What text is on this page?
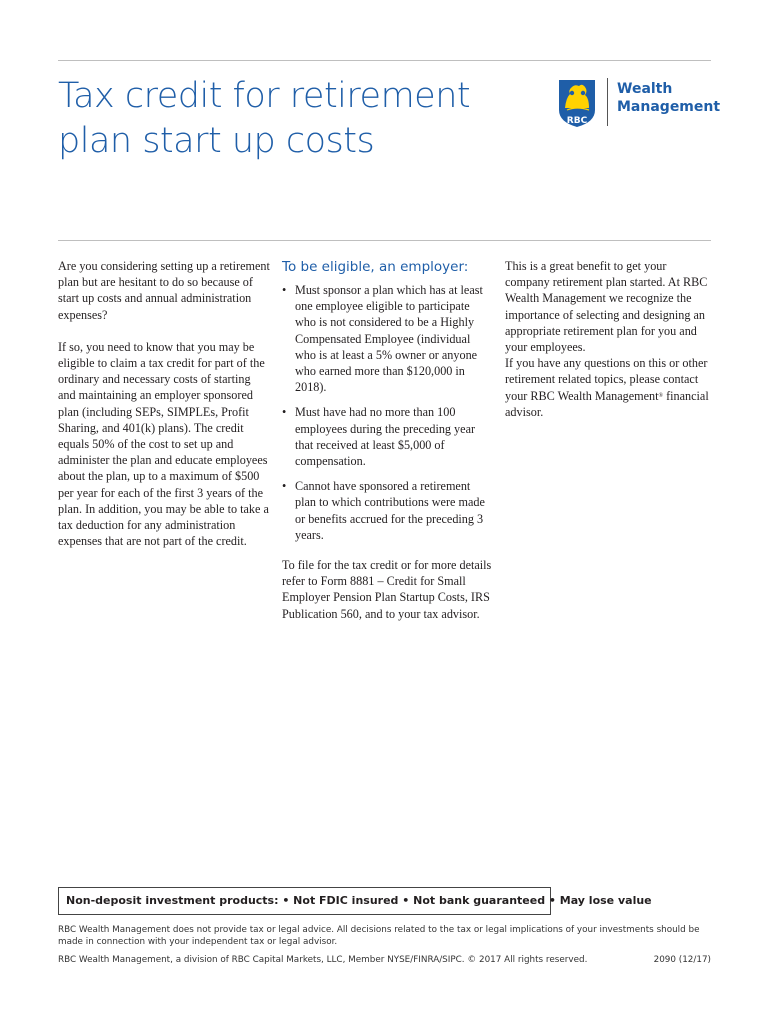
Tax credit for retirement
plan start up costs	RBC
Wealth
Management

Are you considering setting up a retirement plan but are hesitant to do so because of start up costs and annual administration expenses?

If so, you need to know that you may be eligible to claim a tax credit for part of the ordinary and necessary costs of starting and maintaining an employer sponsored plan (including SEPs, SIMPLEs, Profit Sharing, and 401(k) plans). The credit equals 50% of the cost to set up and administer the plan and educate employees about the plan, up to a maximum of $500 per year for each of the first 3 years of the plan. In addition, you may be able to take a tax deduction for any administration expenses that are not part of the credit.

To be eligible, an employer:
• Must sponsor a plan which has at least one employee eligible to participate who is not considered to be a Highly Compensated Employee (individual who is at least a 5% owner or anyone who earned more than $120,000 in 2018).
• Must have had no more than 100 employees during the preceding year that received at least $5,000 of compensation.
• Cannot have sponsored a retirement plan to which contributions were made or benefits accrued for the preceding 3 years.

To file for the tax credit or for more details refer to Form 8881 – Credit for Small Employer Pension Plan Startup Costs, IRS Publication 560, and to your tax advisor.

This is a great benefit to get your company retirement plan started. At RBC Wealth Management we recognize the importance of selecting and designing an appropriate retirement plan for you and your employees.

If you have any questions on this or other retirement related topics, please contact your RBC Wealth Management® financial advisor.

Non-deposit investment products: • Not FDIC insured • Not bank guaranteed • May lose value
RBC Wealth Management does not provide tax or legal advice. All decisions related to the tax or legal implications of your investments should be made in connection with your independent tax or legal advisor.
RBC Wealth Management, a division of RBC Capital Markets, LLC, Member NYSE/FINRA/SIPC. © 2017 All rights reserved.	2090 (12/17)
